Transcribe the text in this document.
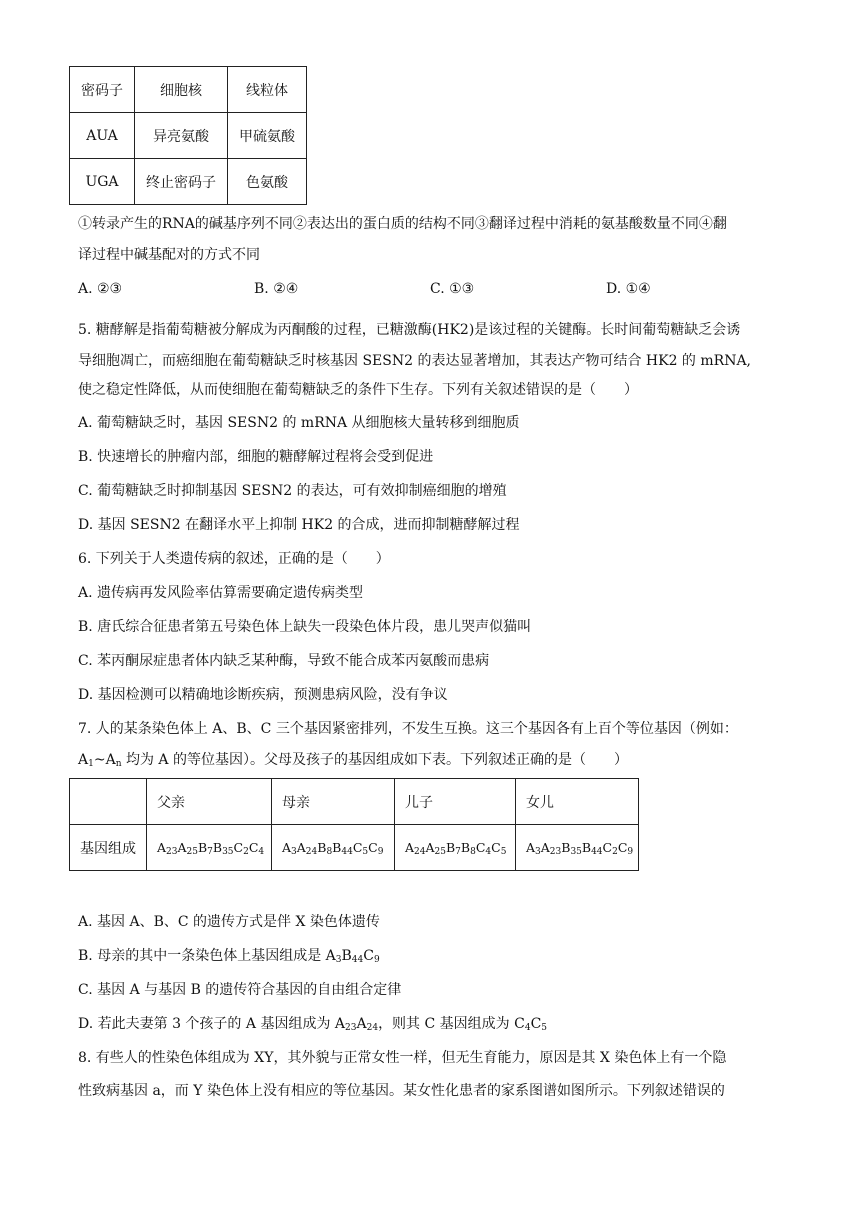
密码子	细胞核	线粒体
AUA	异亮氨酸	甲硫氨酸
UGA	终止密码子	色氨酸
①转录产生的RNA的碱基序列不同②表达出的蛋白质的结构不同③翻译过程中消耗的氨基酸数量不同④翻
译过程中碱基配对的方式不同
A. ②③	B. ②④	C. ①③	D. ①④
5. 糖酵解是指葡萄糖被分解成为丙酮酸的过程，已糖激酶(HK2)是该过程的关键酶。长时间葡萄糖缺乏会诱
导细胞凋亡，而癌细胞在葡萄糖缺乏时核基因 SESN2 的表达显著增加，其表达产物可结合 HK2 的 mRNA,
使之稳定性降低，从而使细胞在葡萄糖缺乏的条件下生存。下列有关叙述错误的是（　　）
A. 葡萄糖缺乏时，基因 SESN2 的 mRNA 从细胞核大量转移到细胞质
B. 快速增长的肿瘤内部，细胞的糖酵解过程将会受到促进
C. 葡萄糖缺乏时抑制基因 SESN2 的表达，可有效抑制癌细胞的增殖
D. 基因 SESN2 在翻译水平上抑制 HK2 的合成，进而抑制糖酵解过程
6. 下列关于人类遗传病的叙述，正确的是（　　）
A. 遗传病再发风险率估算需要确定遗传病类型
B. 唐氏综合征患者第五号染色体上缺失一段染色体片段，患儿哭声似猫叫
C. 苯丙酮尿症患者体内缺乏某种酶，导致不能合成苯丙氨酸而患病
D. 基因检测可以精确地诊断疾病，预测患病风险，没有争议
7. 人的某条染色体上 A、B、C 三个基因紧密排列，不发生互换。这三个基因各有上百个等位基因（例如：
$A_1\sim A_n$ 均为 A 的等位基因）。父母及孩子的基因组成如下表。下列叙述正确的是（　　）
	父亲	母亲	儿子	女儿
基因组成	$A_{23}A_{25}B_7B_{35}C_2C_4$	$A_3A_{24}B_8B_{44}C_5C_9$	$A_{24}A_{25}B_7B_8C_4C_5$	$A_3A_{23}B_{35}B_{44}C_2C_9$
A. 基因 A、B、C 的遗传方式是伴 X 染色体遗传
B. 母亲的其中一条染色体上基因组成是 $A_3B_{44}C_9$
C. 基因 A 与基因 B 的遗传符合基因的自由组合定律
D. 若此夫妻第 3 个孩子的 A 基因组成为 $A_{23}A_{24}$，则其 C 基因组成为 $C_4C_5$
8. 有些人的性染色体组成为 XY，其外貌与正常女性一样，但无生育能力，原因是其 X 染色体上有一个隐
性致病基因 a，而 Y 染色体上没有相应的等位基因。某女性化患者的家系图谱如图所示。下列叙述错误的
